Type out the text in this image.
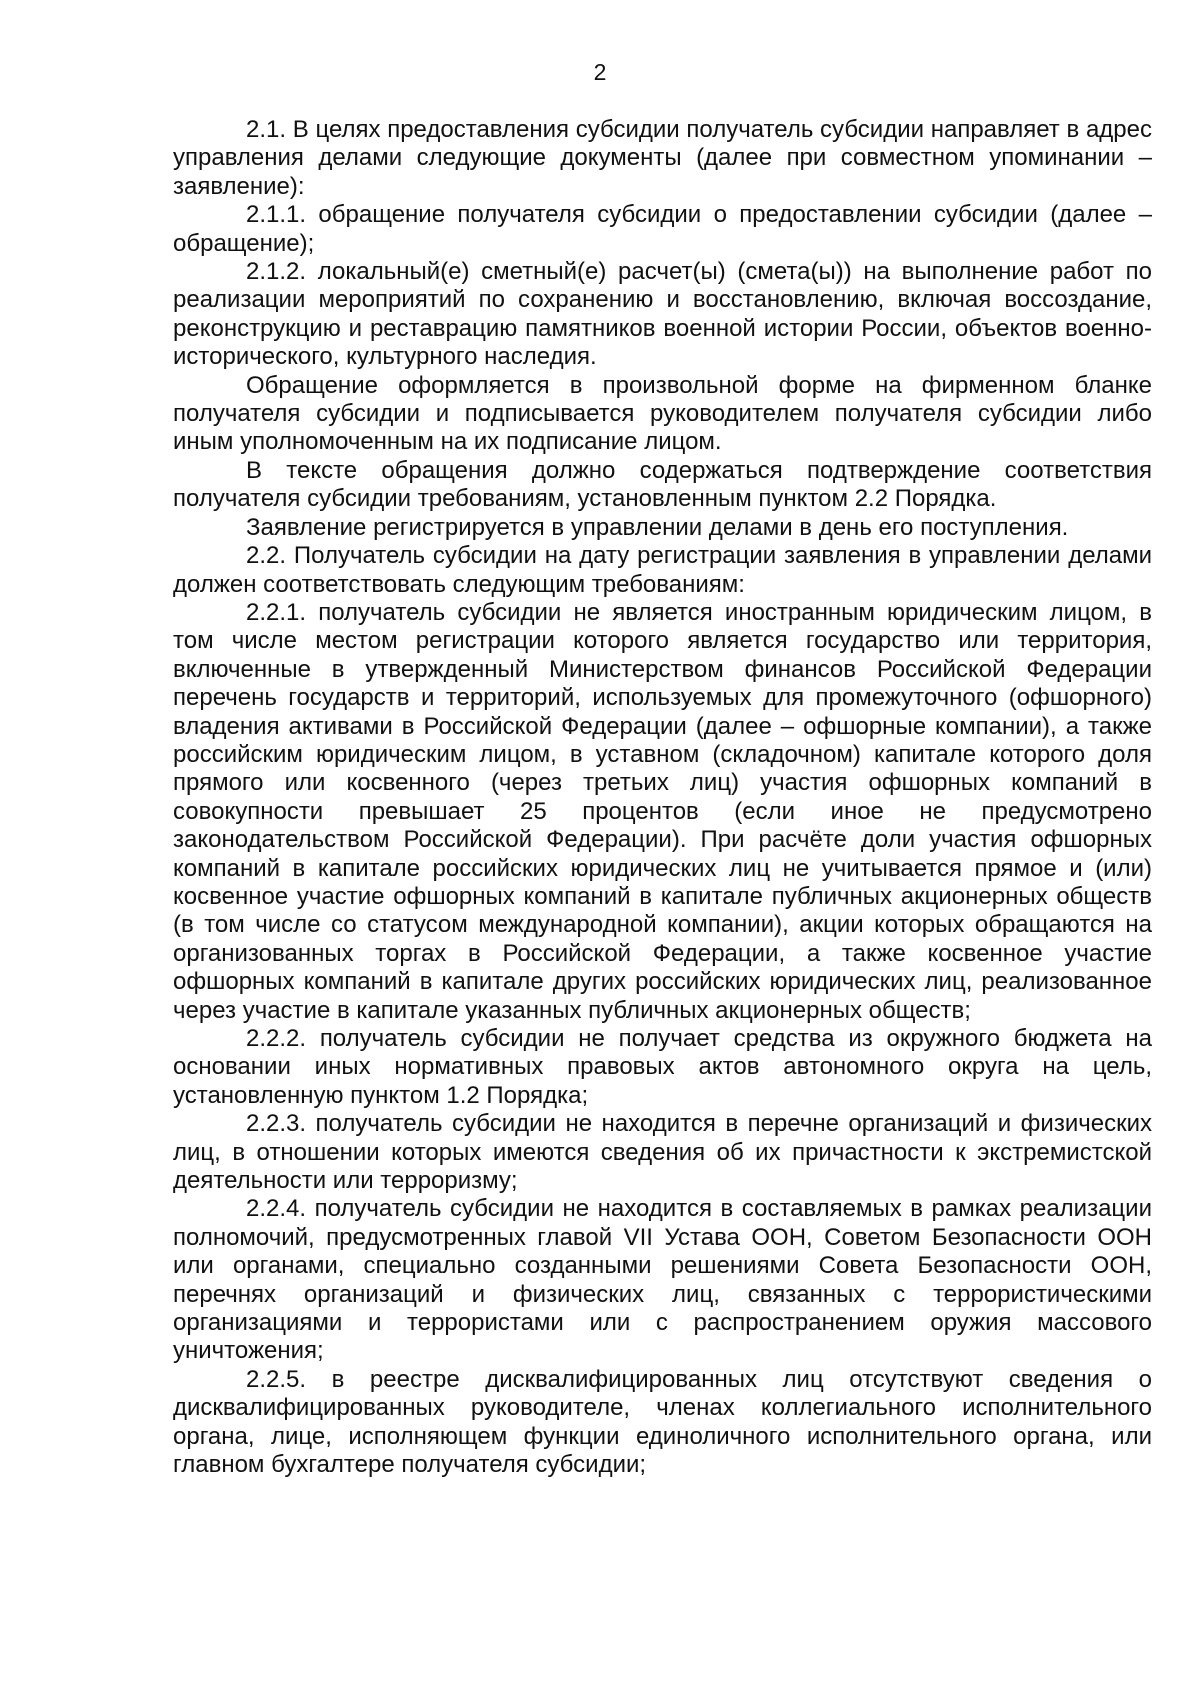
2

2.1. В целях предоставления субсидии получатель субсидии направляет в адрес управления делами следующие документы (далее при совместном упоминании – заявление):

2.1.1. обращение получателя субсидии о предоставлении субсидии (далее – обращение);

2.1.2. локальный(е) сметный(е) расчет(ы) (смета(ы)) на выполнение работ по реализации мероприятий по сохранению и восстановлению, включая воссоздание, реконструкцию и реставрацию памятников военной истории России, объектов военно-исторического, культурного наследия.

Обращение оформляется в произвольной форме на фирменном бланке получателя субсидии и подписывается руководителем получателя субсидии либо иным уполномоченным на их подписание лицом.

В тексте обращения должно содержаться подтверждение соответствия получателя субсидии требованиям, установленным пунктом 2.2 Порядка.

Заявление регистрируется в управлении делами в день его поступления.

2.2. Получатель субсидии на дату регистрации заявления в управлении делами должен соответствовать следующим требованиям:

2.2.1. получатель субсидии не является иностранным юридическим лицом, в том числе местом регистрации которого является государство или территория, включенные в утвержденный Министерством финансов Российской Федерации перечень государств и территорий, используемых для промежуточного (офшорного) владения активами в Российской Федерации (далее – офшорные компании), а также российским юридическим лицом, в уставном (складочном) капитале которого доля прямого или косвенного (через третьих лиц) участия офшорных компаний в совокупности превышает 25 процентов (если иное не предусмотрено законодательством Российской Федерации). При расчёте доли участия офшорных компаний в капитале российских юридических лиц не учитывается прямое и (или) косвенное участие офшорных компаний в капитале публичных акционерных обществ (в том числе со статусом международной компании), акции которых обращаются на организованных торгах в Российской Федерации, а также косвенное участие офшорных компаний в капитале других российских юридических лиц, реализованное через участие в капитале указанных публичных акционерных обществ;

2.2.2. получатель субсидии не получает средства из окружного бюджета на основании иных нормативных правовых актов автономного округа на цель, установленную пунктом 1.2 Порядка;

2.2.3. получатель субсидии не находится в перечне организаций и физических лиц, в отношении которых имеются сведения об их причастности к экстремистской деятельности или терроризму;

2.2.4. получатель субсидии не находится в составляемых в рамках реализации полномочий, предусмотренных главой VII Устава ООН, Советом Безопасности ООН или органами, специально созданными решениями Совета Безопасности ООН, перечнях организаций и физических лиц, связанных с террористическими организациями и террористами или с распространением оружия массового уничтожения;

2.2.5. в реестре дисквалифицированных лиц отсутствуют сведения о дисквалифицированных руководителе, членах коллегиального исполнительного органа, лице, исполняющем функции единоличного исполнительного органа, или главном бухгалтере получателя субсидии;
